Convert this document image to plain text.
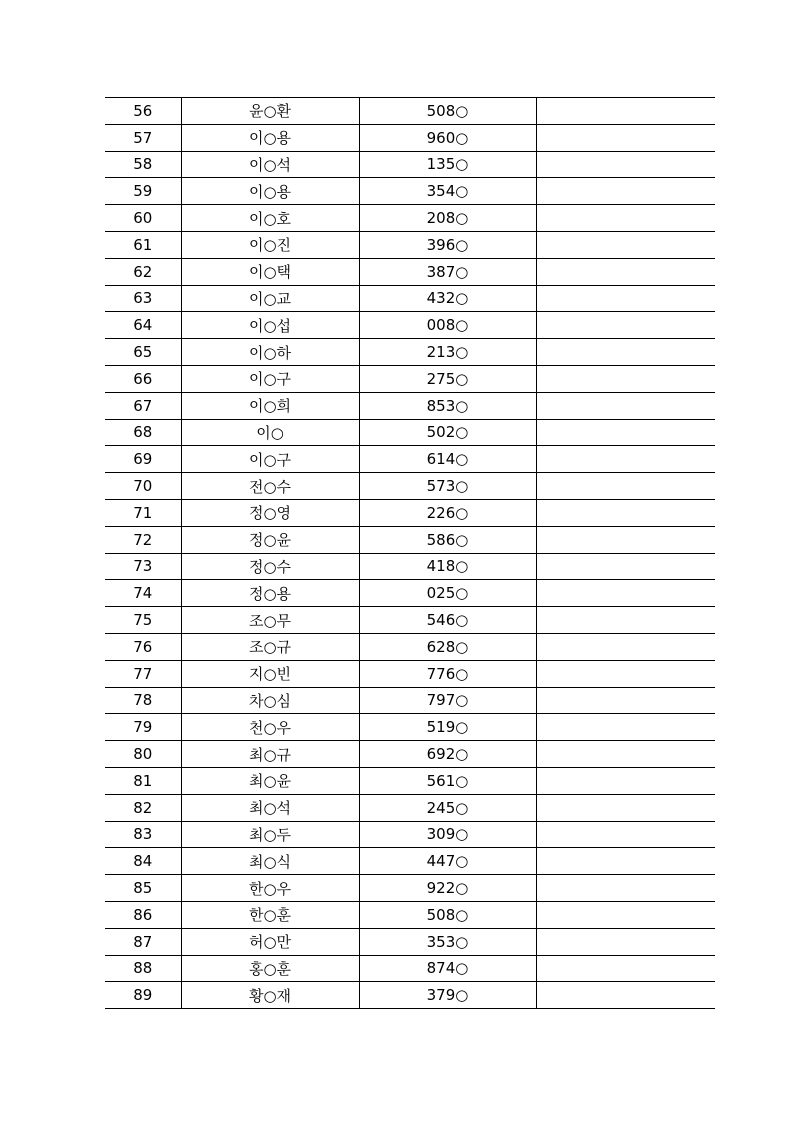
56	윤○환	508○	
57	이○용	960○	
58	이○석	135○	
59	이○용	354○	
60	이○호	208○	
61	이○진	396○	
62	이○택	387○	
63	이○교	432○	
64	이○섭	008○	
65	이○하	213○	
66	이○구	275○	
67	이○희	853○	
68	이○	502○	
69	이○구	614○	
70	전○수	573○	
71	정○영	226○	
72	정○윤	586○	
73	정○수	418○	
74	정○용	025○	
75	조○무	546○	
76	조○규	628○	
77	지○빈	776○	
78	차○심	797○	
79	천○우	519○	
80	최○규	692○	
81	최○윤	561○	
82	최○석	245○	
83	최○두	309○	
84	최○식	447○	
85	한○우	922○	
86	한○훈	508○	
87	허○만	353○	
88	홍○훈	874○	
89	황○재	379○	
